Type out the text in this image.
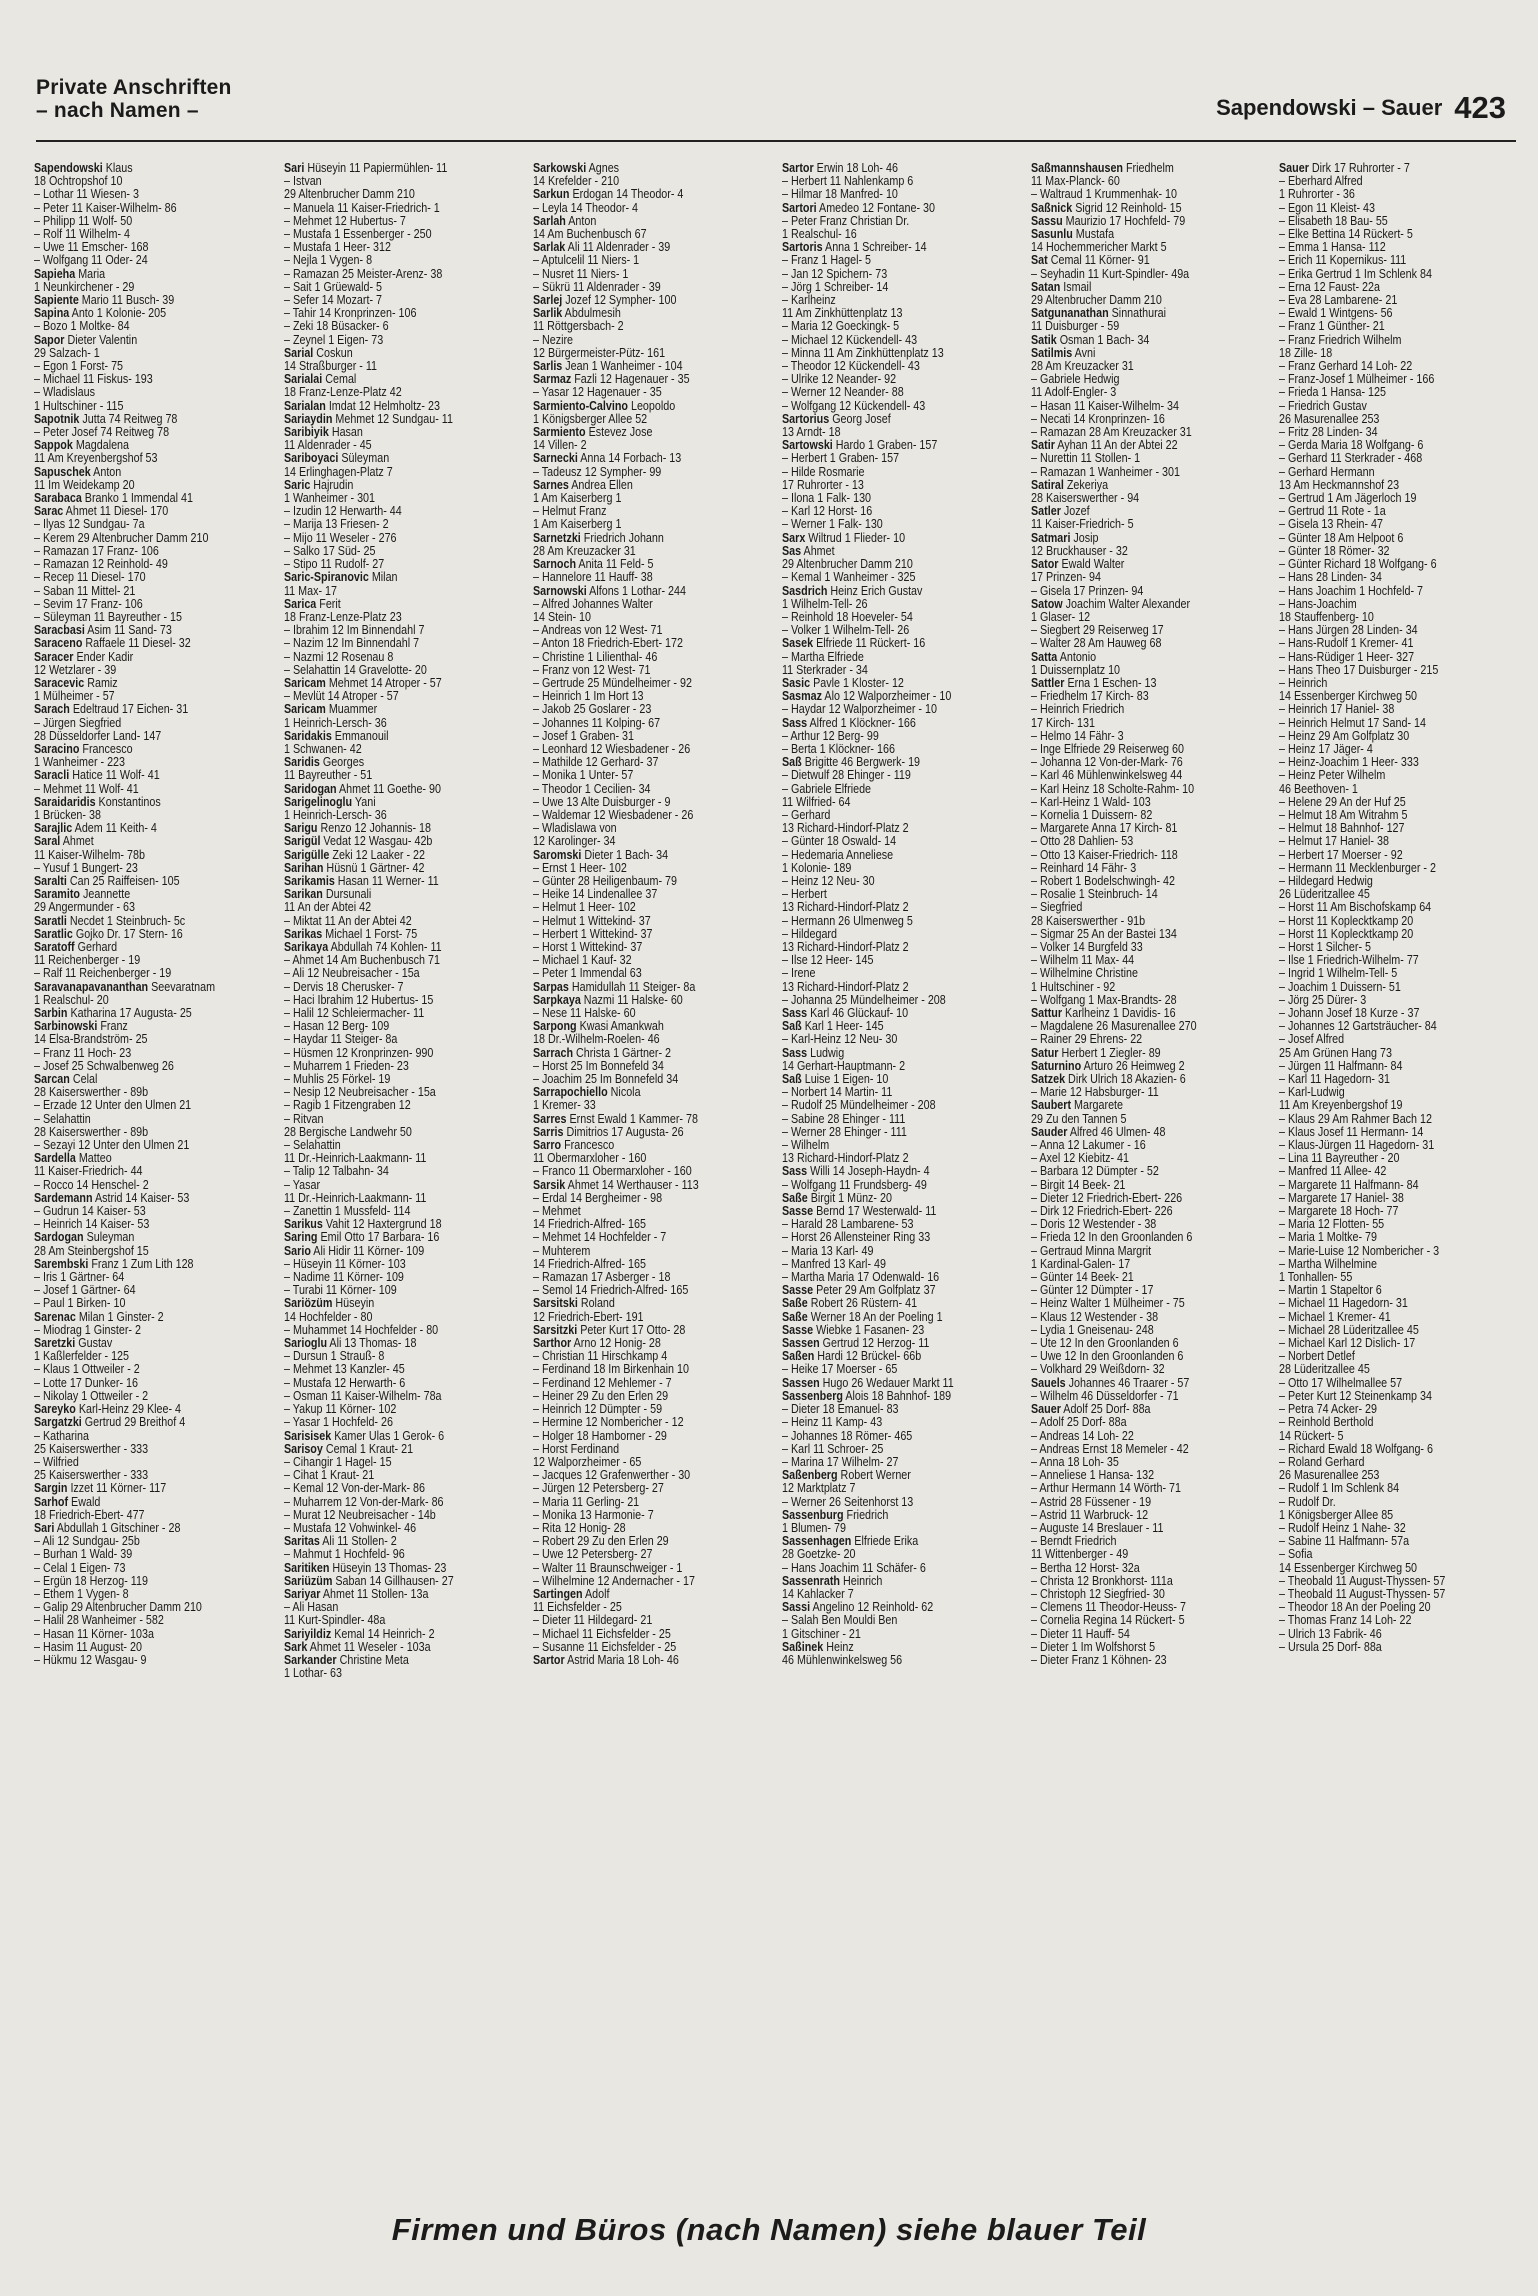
Private Anschriften
– nach Namen –	Sapendowski – Sauer 423
Sapendowski Klaus
18 Ochtropshof 10
– Lothar 11 Wiesen- 3
– Peter 11 Kaiser-Wilhelm- 86
– Philipp 11 Wolf- 50
– Rolf 11 Wilhelm- 4
– Uwe 11 Emscher- 168
– Wolfgang 11 Oder- 24
Sapieha Maria
1 Neunkirchener - 29
Sapiente Mario 11 Busch- 39
Sapina Anto 1 Kolonie- 205
– Bozo 1 Moltke- 84
Sapor Dieter Valentin
29 Salzach- 1
– Egon 1 Forst- 75
– Michael 11 Fiskus- 193
– Wladislaus
1 Hultschiner - 115
Sapotnik Jutta 74 Reitweg 78
– Peter Josef 74 Reitweg 78
Sappok Magdalena
11 Am Kreyenbergshof 53
Sapuschek Anton
11 Im Weidekamp 20
Sarabaca Branko 1 Immendal 41
Sarac Ahmet 11 Diesel- 170
– Ilyas 12 Sundgau- 7a
– Kerem 29 Altenbrucher Damm 210
– Ramazan 17 Franz- 106
– Ramazan 12 Reinhold- 49
– Recep 11 Diesel- 170
– Saban 11 Mittel- 21
– Sevim 17 Franz- 106
– Süleyman 11 Bayreuther - 15
Saracbasi Asim 11 Sand- 73
Saraceno Raffaele 11 Diesel- 32
Saracer Ender Kadir
12 Wetzlarer - 39
Saracevic Ramiz
1 Mülheimer - 57
Sarach Edeltraud 17 Eichen- 31
– Jürgen Siegfried
28 Düsseldorfer Land- 147
Saracino Francesco
1 Wanheimer - 223
Saracli Hatice 11 Wolf- 41
– Mehmet 11 Wolf- 41
Saraidaridis Konstantinos
1 Brücken- 38
Sarajlic Adem 11 Keith- 4
Saral Ahmet
11 Kaiser-Wilhelm- 78b
– Yusuf 1 Bungert- 23
Saralti Can 25 Raiffeisen- 105
Saramito Jeannette
29 Angermunder - 63
Saratli Necdet 1 Steinbruch- 5c
Saratlic Gojko Dr. 17 Stern- 16
Saratoff Gerhard
11 Reichenberger - 19
– Ralf 11 Reichenberger - 19
Saravanapavananthan Seevaratnam
1 Realschul- 20
Sarbin Katharina 17 Augusta- 25
Sarbinowski Franz
14 Elsa-Brandström- 25
– Franz 11 Hoch- 23
– Josef 25 Schwalbenweg 26
Sarcan Celal
28 Kaiserswerther - 89b
– Erzade 12 Unter den Ulmen 21
– Selahattin
28 Kaiserswerther - 89b
– Sezayi 12 Unter den Ulmen 21
Sardella Matteo
11 Kaiser-Friedrich- 44
– Rocco 14 Henschel- 2
Sardemann Astrid 14 Kaiser- 53
– Gudrun 14 Kaiser- 53
– Heinrich 14 Kaiser- 53
Sardogan Suleyman
28 Am Steinbergshof 15
Sarembski Franz 1 Zum Lith 128
– Iris 1 Gärtner- 64
– Josef 1 Gärtner- 64
– Paul 1 Birken- 10
Sarenac Milan 1 Ginster- 2
– Miodrag 1 Ginster- 2
Saretzki Gustav
1 Kaßlerfelder - 125
– Klaus 1 Ottweiler - 2
– Lotte 17 Dunker- 16
– Nikolay 1 Ottweiler - 2
Sareyko Karl-Heinz 29 Klee- 4
Sargatzki Gertrud 29 Breithof 4
– Katharina
25 Kaiserswerther - 333
– Wilfried
25 Kaiserswerther - 333
Sargin Izzet 11 Körner- 117
Sarhof Ewald
18 Friedrich-Ebert- 477
Sari Abdullah 1 Gitschiner - 28
– Ali 12 Sundgau- 25b
– Burhan 1 Wald- 39
– Celal 1 Eigen- 73
– Ergün 18 Herzog- 119
– Ethem 1 Vygen- 8
– Galip 29 Altenbrucher Damm 210
– Halil 28 Wanheimer - 582
– Hasan 11 Körner- 103a
– Hasim 11 August- 20
– Hükmu 12 Wasgau- 9
Sari Hüseyin 11 Papiermühlen- 11
– Istvan
29 Altenbrucher Damm 210
– Manuela 11 Kaiser-Friedrich- 1
– Mehmet 12 Hubertus- 7
– Mustafa 1 Essenberger - 250
– Mustafa 1 Heer- 312
– Nejla 1 Vygen- 8
– Ramazan 25 Meister-Arenz- 38
– Sait 1 Grüewald- 5
– Sefer 14 Mozart- 7
– Tahir 14 Kronprinzen- 106
– Zeki 18 Büsacker- 6
– Zeynel 1 Eigen- 73
Sarial Coskun
14 Straßburger - 11
Sarialai Cemal
18 Franz-Lenze-Platz 42
Sarialan Imdat 12 Helmholtz- 23
Sariaydin Mehmet 12 Sundgau- 11
Saribiyik Hasan
11 Aldenrader - 45
Sariboyaci Süleyman
14 Erlinghagen-Platz 7
Saric Hajrudin
1 Wanheimer - 301
– Izudin 12 Herwarth- 44
– Marija 13 Friesen- 2
– Mijo 11 Weseler - 276
– Salko 17 Süd- 25
– Stipo 11 Rudolf- 27
Saric-Spiranovic Milan
11 Max- 17
Sarica Ferit
18 Franz-Lenze-Platz 23
– Ibrahim 12 Im Binnendahl 7
– Nazim 12 Im Binnendahl 7
– Nazmi 12 Rosenau 8
– Selahattin 14 Gravelotte- 20
Saricam Mehmet 14 Atroper - 57
– Mevlüt 14 Atroper - 57
Saricam Muammer
1 Heinrich-Lersch- 36
Saridakis Emmanouil
1 Schwanen- 42
Saridis Georges
11 Bayreuther - 51
Saridogan Ahmet 11 Goethe- 90
Sarigelinoglu Yani
1 Heinrich-Lersch- 36
Sarigu Renzo 12 Johannis- 18
Sarigül Vedat 12 Wasgau- 42b
Sarigülle Zeki 12 Laaker - 22
Sarihan Hüsnü 1 Gärtner- 42
Sarikamis Hasan 11 Werner- 11
Sarikan Dursunali
11 An der Abtei 42
– Miktat 11 An der Abtei 42
Sarikas Michael 1 Forst- 75
Sarikaya Abdullah 74 Kohlen- 11
– Ahmet 14 Am Buchenbusch 71
– Ali 12 Neubreisacher - 15a
– Dervis 18 Cherusker- 7
– Haci Ibrahim 12 Hubertus- 15
– Halil 12 Schleiermacher- 11
– Hasan 12 Berg- 109
– Haydar 11 Steiger- 8a
– Hüsmen 12 Kronprinzen- 990
– Muharrem 1 Frieden- 23
– Muhlis 25 Förkel- 19
– Nesip 12 Neubreisacher - 15a
– Ragib 1 Fitzengraben 12
– Ritvan
28 Bergische Landwehr 50
– Selahattin
11 Dr.-Heinrich-Laakmann- 11
– Talip 12 Talbahn- 34
– Yasar
11 Dr.-Heinrich-Laakmann- 11
– Zanettin 1 Mussfeld- 114
Sarikus Vahit 12 Haxtergrund 18
Saring Emil Otto 17 Barbara- 16
Sario Ali Hidir 11 Körner- 109
– Hüseyin 11 Körner- 103
– Nadime 11 Körner- 109
– Turabi 11 Körner- 109
Sariözüm Hüseyin
14 Hochfelder - 80
– Muhammet 14 Hochfelder - 80
Sarioglu Ali 13 Thomas- 18
– Dursun 1 Strauß- 8
– Mehmet 13 Kanzler- 45
– Mustafa 12 Herwarth- 6
– Osman 11 Kaiser-Wilhelm- 78a
– Yakup 11 Körner- 102
– Yasar 1 Hochfeld- 26
Sarisisek Kamer Ulas 1 Gerok- 6
Sarisoy Cemal 1 Kraut- 21
– Cihangir 1 Hagel- 15
– Cihat 1 Kraut- 21
– Kemal 12 Von-der-Mark- 86
– Muharrem 12 Von-der-Mark- 86
– Murat 12 Neubreisacher - 14b
– Mustafa 12 Vohwinkel- 46
Saritas Ali 11 Stollen- 2
– Mahmut 1 Hochfeld- 96
Saritiken Hüseyin 13 Thomas- 23
Sariüzüm Saban 14 Gillhausen- 27
Sariyar Ahmet 11 Stollen- 13a
– Ali Hasan
11 Kurt-Spindler- 48a
Sariyildiz Kemal 14 Heinrich- 2
Sark Ahmet 11 Weseler - 103a
Sarkander Christine Meta
1 Lothar- 63
Sarkowski Agnes
14 Krefelder - 210
Sarkun Erdogan 14 Theodor- 4
– Leyla 14 Theodor- 4
Sarlah Anton
14 Am Buchenbusch 67
Sarlak Ali 11 Aldenrader - 39
– Aptulcelil 11 Niers- 1
– Nusret 11 Niers- 1
– Sükrü 11 Aldenrader - 39
Sarlej Jozef 12 Sympher- 100
Sarlik Abdulmesih
11 Röttgersbach- 2
– Nezire
12 Bürgermeister-Pütz- 161
Sarlis Jean 1 Wanheimer - 104
Sarmaz Fazli 12 Hagenauer - 35
– Yasar 12 Hagenauer - 35
Sarmiento-Calvino Leopoldo
1 Königsberger Allee 52
Sarmiento Estevez Jose
14 Villen- 2
Sarnecki Anna 14 Forbach- 13
– Tadeusz 12 Sympher- 99
Sarnes Andrea Ellen
1 Am Kaiserberg 1
– Helmut Franz
1 Am Kaiserberg 1
Sarnetzki Friedrich Johann
28 Am Kreuzacker 31
Sarnoch Anita 11 Feld- 5
– Hannelore 11 Hauff- 38
Sarnowski Alfons 1 Lothar- 244
– Alfred Johannes Walter
14 Stein- 10
– Andreas von 12 West- 71
– Anton 18 Friedrich-Ebert- 172
– Christine 1 Lilienthal- 46
– Franz von 12 West- 71
– Gertrude 25 Mündelheimer - 92
– Heinrich 1 Im Hort 13
– Jakob 25 Goslarer - 23
– Johannes 11 Kolping- 67
– Josef 1 Graben- 31
– Leonhard 12 Wiesbadener - 26
– Mathilde 12 Gerhard- 37
– Monika 1 Unter- 57
– Theodor 1 Cecilien- 34
– Uwe 13 Alte Duisburger - 9
– Waldemar 12 Wiesbadener - 26
– Wladislawa von
12 Karolinger- 34
Saromski Dieter 1 Bach- 34
– Ernst 1 Heer- 102
– Günter 28 Heiligenbaum- 79
– Heike 14 Lindenallee 37
– Helmut 1 Heer- 102
– Helmut 1 Wittekind- 37
– Herbert 1 Wittekind- 37
– Horst 1 Wittekind- 37
– Michael 1 Kauf- 32
– Peter 1 Immendal 63
Sarpas Hamidullah 11 Steiger- 8a
Sarpkaya Nazmi 11 Halske- 60
– Nese 11 Halske- 60
Sarpong Kwasi Amankwah
18 Dr.-Wilhelm-Roelen- 46
Sarrach Christa 1 Gärtner- 2
– Horst 25 Im Bonnefeld 34
– Joachim 25 Im Bonnefeld 34
Sarrapochiello Nicola
1 Kremer- 33
Sarres Ernst Ewald 1 Kammer- 78
Sarris Dimitrios 17 Augusta- 26
Sarro Francesco
11 Obermarxloher - 160
– Franco 11 Obermarxloher - 160
Sarsik Ahmet 14 Werthauser - 113
– Erdal 14 Bergheimer - 98
– Mehmet
14 Friedrich-Alfred- 165
– Mehmet 14 Hochfelder - 7
– Muhterem
14 Friedrich-Alfred- 165
– Ramazan 17 Asberger - 18
– Semol 14 Friedrich-Alfred- 165
Sarsitski Roland
12 Friedrich-Ebert- 191
Sarsitzki Peter Kurt 17 Otto- 28
Sarthor Arno 12 Honig- 28
– Christian 11 Hirschkamp 4
– Ferdinand 18 Im Birkenhain 10
– Ferdinand 12 Mehlemer - 7
– Heiner 29 Zu den Erlen 29
– Heinrich 12 Dümpter - 59
– Hermine 12 Nombericher - 12
– Holger 18 Hamborner - 29
– Horst Ferdinand
12 Walporzheimer - 65
– Jacques 12 Grafenwerther - 30
– Jürgen 12 Petersberg- 27
– Maria 11 Gerling- 21
– Monika 13 Harmonie- 7
– Rita 12 Honig- 28
– Robert 29 Zu den Erlen 29
– Uwe 12 Petersberg- 27
– Walter 11 Braunschweiger - 1
– Wilhelmine 12 Andernacher - 17
Sartingen Adolf
11 Eichsfelder - 25
– Dieter 11 Hildegard- 21
– Michael 11 Eichsfelder - 25
– Susanne 11 Eichsfelder - 25
Sartor Astrid Maria 18 Loh- 46
Sartor Erwin 18 Loh- 46
– Herbert 11 Nahlenkamp 6
– Hilmar 18 Manfred- 10
Sartori Amedeo 12 Fontane- 30
– Peter Franz Christian Dr.
1 Realschul- 16
Sartoris Anna 1 Schreiber- 14
– Franz 1 Hagel- 5
– Jan 12 Spichern- 73
– Jörg 1 Schreiber- 14
– Karlheinz
11 Am Zinkhüttenplatz 13
– Maria 12 Goeckingk- 5
– Michael 12 Kückendell- 43
– Minna 11 Am Zinkhüttenplatz 13
– Theodor 12 Kückendell- 43
– Ulrike 12 Neander- 92
– Werner 12 Neander- 88
– Wolfgang 12 Kückendell- 43
Sartorius Georg Josef
13 Arndt- 18
Sartowski Hardo 1 Graben- 157
– Herbert 1 Graben- 157
– Hilde Rosmarie
17 Ruhrorter - 13
– Ilona 1 Falk- 130
– Karl 12 Horst- 16
– Werner 1 Falk- 130
Sarx Wiltrud 1 Flieder- 10
Sas Ahmet
29 Altenbrucher Damm 210
– Kemal 1 Wanheimer - 325
Sasdrich Heinz Erich Gustav
1 Wilhelm-Tell- 26
– Reinhold 18 Hoeveler- 54
– Volker 1 Wilhelm-Tell- 26
Sasek Elfriede 11 Rückert- 16
– Martha Elfriede
11 Sterkrader - 34
Sasic Pavle 1 Kloster- 12
Sasmaz Alo 12 Walporzheimer - 10
– Haydar 12 Walporzheimer - 10
Sass Alfred 1 Klöckner- 166
– Arthur 12 Berg- 99
– Berta 1 Klöckner- 166
Saß Brigitte 46 Bergwerk- 19
– Dietwulf 28 Ehinger - 119
– Gabriele Elfriede
11 Wilfried- 64
– Gerhard
13 Richard-Hindorf-Platz 2
– Günter 18 Oswald- 14
– Hedemaria Anneliese
1 Kolonie- 189
– Heinz 12 Neu- 30
– Herbert
13 Richard-Hindorf-Platz 2
– Hermann 26 Ulmenweg 5
– Hildegard
13 Richard-Hindorf-Platz 2
– Ilse 12 Heer- 145
– Irene
13 Richard-Hindorf-Platz 2
– Johanna 25 Mündelheimer - 208
Sass Karl 46 Glückauf- 10
Saß Karl 1 Heer- 145
– Karl-Heinz 12 Neu- 30
Sass Ludwig
14 Gerhart-Hauptmann- 2
Saß Luise 1 Eigen- 10
– Norbert 14 Martin- 11
– Rudolf 25 Mündelheimer - 208
– Sabine 28 Ehinger - 111
– Werner 28 Ehinger - 111
– Wilhelm
13 Richard-Hindorf-Platz 2
Sass Willi 14 Joseph-Haydn- 4
– Wolfgang 11 Frundsberg- 49
Saße Birgit 1 Münz- 20
Sasse Bernd 17 Westerwald- 11
– Harald 28 Lambarene- 53
– Horst 26 Allensteiner Ring 33
– Maria 13 Karl- 49
– Manfred 13 Karl- 49
– Martha Maria 17 Odenwald- 16
Sasse Peter 29 Am Golfplatz 37
Saße Robert 26 Rüstern- 41
Saße Werner 18 An der Poeling 1
Sasse Wiebke 1 Fasanen- 23
Sassen Gertrud 12 Herzog- 11
Saßen Hardi 12 Brückel- 66b
– Heike 17 Moerser - 65
Sassen Hugo 26 Wedauer Markt 11
Sassenberg Alois 18 Bahnhof- 189
– Dieter 18 Emanuel- 83
– Heinz 11 Kamp- 43
– Johannes 18 Römer- 465
– Karl 11 Schroer- 25
– Marina 17 Wilhelm- 27
Saßenberg Robert Werner
12 Marktplatz 7
– Werner 26 Seitenhorst 13
Sassenburg Friedrich
1 Blumen- 79
Sassenhagen Elfriede Erika
28 Goetzke- 20
– Hans Joachim 11 Schäfer- 6
Sassenrath Heinrich
14 Kahlacker 7
Sassi Angelino 12 Reinhold- 62
– Salah Ben Mouldi Ben
1 Gitschiner - 21
Saßinek Heinz
46 Mühlenwinkelsweg 56
Saßmannshausen Friedhelm
11 Max-Planck- 60
– Waltraud 1 Krummenhak- 10
Saßnick Sigrid 12 Reinhold- 15
Sassu Maurizio 17 Hochfeld- 79
Sasunlu Mustafa
14 Hochemmericher Markt 5
Sat Cemal 11 Körner- 91
– Seyhadin 11 Kurt-Spindler- 49a
Satan Ismail
29 Altenbrucher Damm 210
Satgunanathan Sinnathurai
11 Duisburger - 59
Satik Osman 1 Bach- 34
Satilmis Avni
28 Am Kreuzacker 31
– Gabriele Hedwig
11 Adolf-Engler- 3
– Hasan 11 Kaiser-Wilhelm- 34
– Necati 14 Kronprinzen- 16
– Ramazan 28 Am Kreuzacker 31
Satir Ayhan 11 An der Abtei 22
– Nurettin 11 Stollen- 1
– Ramazan 1 Wanheimer - 301
Satiral Zekeriya
28 Kaiserswerther - 94
Satler Jozef
11 Kaiser-Friedrich- 5
Satmari Josip
12 Bruckhauser - 32
Sator Ewald Walter
17 Prinzen- 94
– Gisela 17 Prinzen- 94
Satow Joachim Walter Alexander
1 Glaser- 12
– Siegbert 29 Reiserweg 17
– Walter 28 Am Hauweg 68
Satta Antonio
1 Duissernplatz 10
Sattler Erna 1 Eschen- 13
– Friedhelm 17 Kirch- 83
– Heinrich Friedrich
17 Kirch- 131
– Helmo 14 Fähr- 3
– Inge Elfriede 29 Reiserweg 60
– Johanna 12 Von-der-Mark- 76
– Karl 46 Mühlenwinkelsweg 44
– Karl Heinz 18 Scholte-Rahm- 10
– Karl-Heinz 1 Wald- 103
– Kornelia 1 Duissern- 82
– Margarete Anna 17 Kirch- 81
– Otto 28 Dahlien- 53
– Otto 13 Kaiser-Friedrich- 118
– Reinhard 14 Fähr- 3
– Robert 1 Bodelschwingh- 42
– Rosalie 1 Steinbruch- 14
– Siegfried
28 Kaiserswerther - 91b
– Sigmar 25 An der Bastei 134
– Volker 14 Burgfeld 33
– Wilhelm 11 Max- 44
– Wilhelmine Christine
1 Hultschiner - 92
– Wolfgang 1 Max-Brandts- 28
Sattur Karlheinz 1 Davidis- 16
– Magdalene 26 Masurenallee 270
– Rainer 29 Ehrens- 22
Satur Herbert 1 Ziegler- 89
Saturnino Arturo 26 Heimweg 2
Satzek Dirk Ulrich 18 Akazien- 6
– Marie 12 Habsburger- 11
Saubert Margarete
29 Zu den Tannen 5
Sauder Alfred 46 Ulmen- 48
– Anna 12 Lakumer - 16
– Axel 12 Kiebitz- 41
– Barbara 12 Dümpter - 52
– Birgit 14 Beek- 21
– Dieter 12 Friedrich-Ebert- 226
– Dirk 12 Friedrich-Ebert- 226
– Doris 12 Westender - 38
– Frieda 12 In den Groonlanden 6
– Gertraud Minna Margrit
1 Kardinal-Galen- 17
– Günter 14 Beek- 21
– Günter 12 Dümpter - 17
– Heinz Walter 1 Mülheimer - 75
– Klaus 12 Westender - 38
– Lydia 1 Gneisenau- 248
– Ute 12 In den Groonlanden 6
– Uwe 12 In den Groonlanden 6
– Volkhard 29 Weißdorn- 32
Sauels Johannes 46 Traarer - 57
– Wilhelm 46 Düsseldorfer - 71
Sauer Adolf 25 Dorf- 88a
– Adolf 25 Dorf- 88a
– Andreas 14 Loh- 22
– Andreas Ernst 18 Memeler - 42
– Anna 18 Loh- 35
– Anneliese 1 Hansa- 132
– Arthur Hermann 14 Wörth- 71
– Astrid 28 Füssener - 19
– Astrid 11 Warbruck- 12
– Auguste 14 Breslauer - 11
– Berndt Friedrich
11 Wittenberger - 49
– Bertha 12 Horst- 32a
– Christa 12 Bronkhorst- 111a
– Christoph 12 Siegfried- 30
– Clemens 11 Theodor-Heuss- 7
– Cornelia Regina 14 Rückert- 5
– Dieter 11 Hauff- 54
– Dieter 1 Im Wolfshorst 5
– Dieter Franz 1 Köhnen- 23
Sauer Dirk 17 Ruhrorter - 7
– Eberhard Alfred
1 Ruhrorter - 36
– Egon 11 Kleist- 43
– Elisabeth 18 Bau- 55
– Elke Bettina 14 Rückert- 5
– Emma 1 Hansa- 112
– Erich 11 Kopernikus- 111
– Erika Gertrud 1 Im Schlenk 84
– Erna 12 Faust- 22a
– Eva 28 Lambarene- 21
– Ewald 1 Wintgens- 56
– Franz 1 Günther- 21
– Franz Friedrich Wilhelm
18 Zille- 18
– Franz Gerhard 14 Loh- 22
– Franz-Josef 1 Mülheimer - 166
– Frieda 1 Hansa- 125
– Friedrich Gustav
26 Masurenallee 253
– Fritz 28 Linden- 34
– Gerda Maria 18 Wolfgang- 6
– Gerhard 11 Sterkrader - 468
– Gerhard Hermann
13 Am Heckmannshof 23
– Gertrud 1 Am Jägerloch 19
– Gertrud 11 Rote - 1a
– Gisela 13 Rhein- 47
– Günter 18 Am Helpoot 6
– Günter 18 Römer- 32
– Günter Richard 18 Wolfgang- 6
– Hans 28 Linden- 34
– Hans Joachim 1 Hochfeld- 7
– Hans-Joachim
18 Stauffenberg- 10
– Hans Jürgen 28 Linden- 34
– Hans-Rudolf 1 Kremer- 41
– Hans-Rüdiger 1 Heer- 327
– Hans Theo 17 Duisburger - 215
– Heinrich
14 Essenberger Kirchweg 50
– Heinrich 17 Haniel- 38
– Heinrich Helmut 17 Sand- 14
– Heinz 29 Am Golfplatz 30
– Heinz 17 Jäger- 4
– Heinz-Joachim 1 Heer- 333
– Heinz Peter Wilhelm
46 Beethoven- 1
– Helene 29 An der Huf 25
– Helmut 18 Am Witrahm 5
– Helmut 18 Bahnhof- 127
– Helmut 17 Haniel- 38
– Herbert 17 Moerser - 92
– Hermann 11 Mecklenburger - 2
– Hildegard Hedwig
26 Lüderitzallee 45
– Horst 11 Am Bischofskamp 64
– Horst 11 Koplecktkamp 20
– Horst 11 Koplecktkamp 20
– Horst 1 Silcher- 5
– Ilse 1 Friedrich-Wilhelm- 77
– Ingrid 1 Wilhelm-Tell- 5
– Joachim 1 Duissern- 51
– Jörg 25 Dürer- 3
– Johann Josef 18 Kurze - 37
– Johannes 12 Gartsträucher- 84
– Josef Alfred
25 Am Grünen Hang 73
– Jürgen 11 Halfmann- 84
– Karl 11 Hagedorn- 31
– Karl-Ludwig
11 Am Kreyenbergshof 19
– Klaus 29 Am Rahmer Bach 12
– Klaus Josef 11 Hermann- 14
– Klaus-Jürgen 11 Hagedorn- 31
– Lina 11 Bayreuther - 20
– Manfred 11 Allee- 42
– Margarete 11 Halfmann- 84
– Margarete 17 Haniel- 38
– Margarete 18 Hoch- 77
– Maria 12 Flotten- 55
– Maria 1 Moltke- 79
– Marie-Luise 12 Nombericher - 3
– Martha Wilhelmine
1 Tonhallen- 55
– Martin 1 Stapeltor 6
– Michael 11 Hagedorn- 31
– Michael 1 Kremer- 41
– Michael 28 Lüderitzallee 45
– Michael Karl 12 Dislich- 17
– Norbert Detlef
28 Lüderitzallee 45
– Otto 17 Wilhelmallee 57
– Peter Kurt 12 Steinenkamp 34
– Petra 74 Acker- 29
– Reinhold Berthold
14 Rückert- 5
– Richard Ewald 18 Wolfgang- 6
– Roland Gerhard
26 Masurenallee 253
– Rudolf 1 Im Schlenk 84
– Rudolf Dr.
1 Königsberger Allee 85
– Rudolf Heinz 1 Nahe- 32
– Sabine 11 Halfmann- 57a
– Sofia
14 Essenberger Kirchweg 50
– Theobald 11 August-Thyssen- 57
– Theobald 11 August-Thyssen- 57
– Theodor 18 An der Poeling 20
– Thomas Franz 14 Loh- 22
– Ulrich 13 Fabrik- 46
– Ursula 25 Dorf- 88a
Firmen und Büros (nach Namen) siehe blauer Teil
